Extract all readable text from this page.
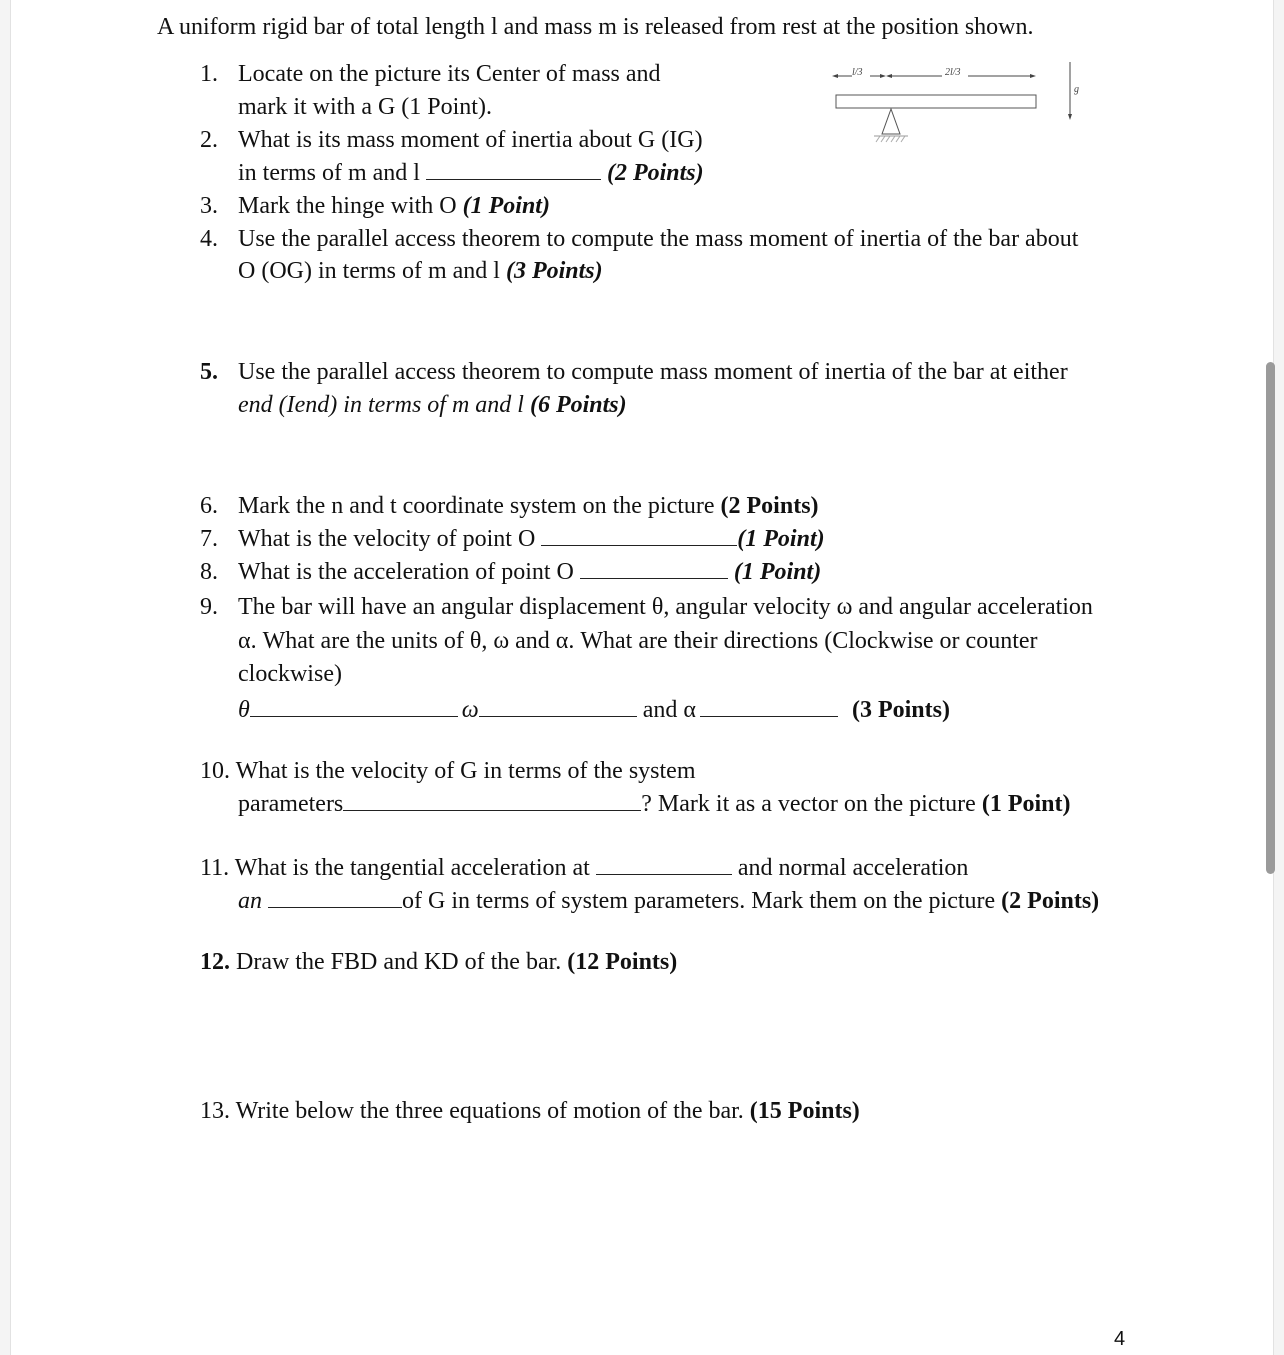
A uniform rigid bar of total length l and mass m is released from rest at the position shown.
l/3	2l/3
g
1. Locate on the picture its Center of mass and
mark it with a G (1 Point).
2. What is its mass moment of inertia about G (IG)
in terms of m and l	(2 Points)
3. Mark the hinge with O (1 Point)
4. Use the parallel access theorem to compute the mass moment of inertia of the bar about
O (OG) in terms of m and l (3 Points)
5. Use the parallel access theorem to compute mass moment of inertia of the bar at either
end (Iend) in terms of m and l (6 Points)
6. Mark the n and t coordinate system on the picture (2 Points)
7. What is the velocity of point O	(1 Point)
8. What is the acceleration of point O	(1 Point)
9. The bar will have an angular displacement θ, angular velocity ω and angular acceleration
α. What are the units of θ, ω and α. What are their directions (Clockwise or counter
clockwise)
θ	ω	and α	(3 Points)
10. What is the velocity of G in terms of the system
parameters	? Mark it as a vector on the picture (1 Point)
11. What is the tangential acceleration at	and normal acceleration
an	of G in terms of system parameters. Mark them on the picture (2 Points)
12. Draw the FBD and KD of the bar. (12 Points)
13. Write below the three equations of motion of the bar. (15 Points)
4
